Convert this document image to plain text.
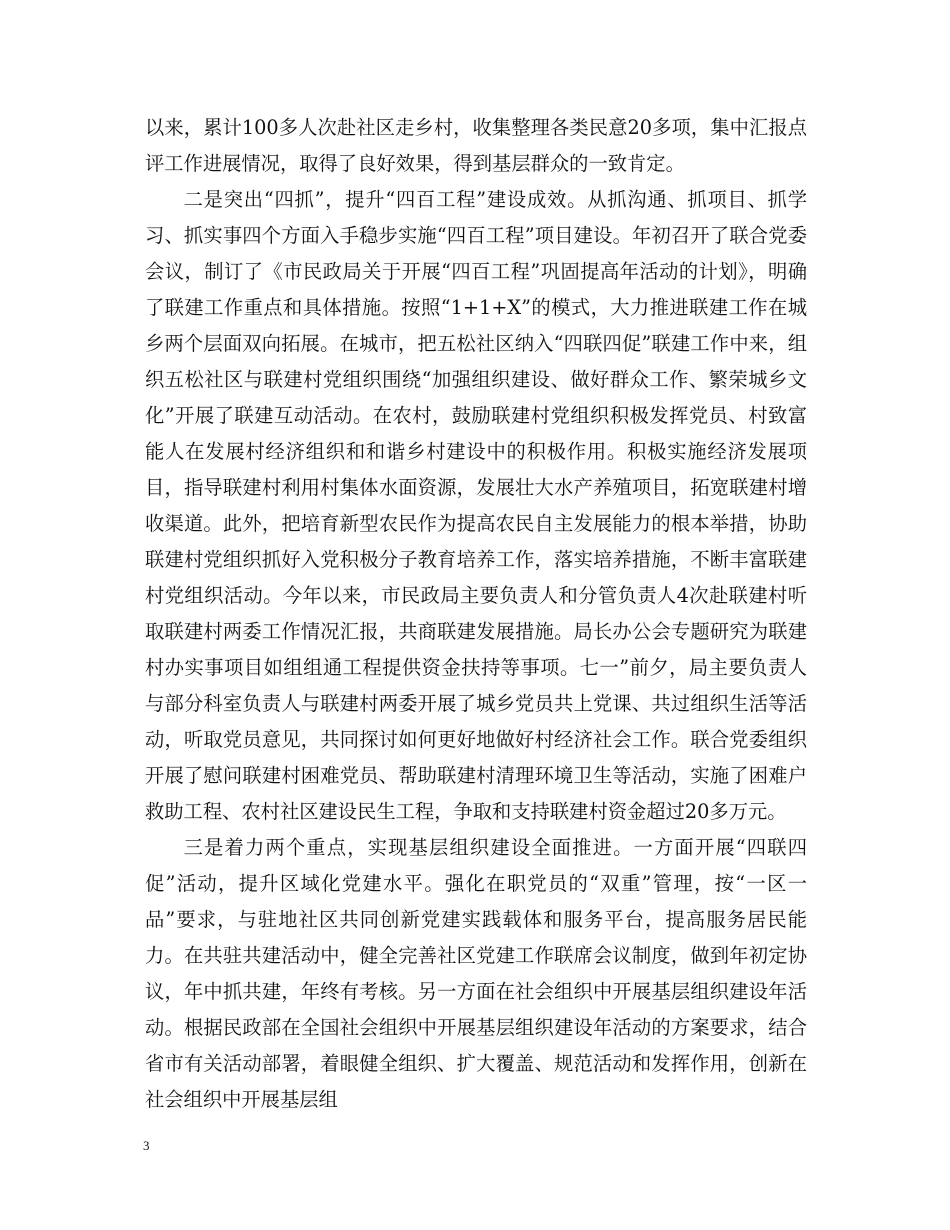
以来，累计100多人次赴社区走乡村，收集整理各类民意20多项，集中汇报点评工作进展情况，取得了良好效果，得到基层群众的一致肯定。

二是突出“四抓”，提升“四百工程”建设成效。从抓沟通、抓项目、抓学习、抓实事四个方面入手稳步实施“四百工程”项目建设。年初召开了联合党委会议，制订了《市民政局关于开展“四百工程”巩固提高年活动的计划》，明确了联建工作重点和具体措施。按照“1+1+X”的模式，大力推进联建工作在城乡两个层面双向拓展。在城市，把五松社区纳入“四联四促”联建工作中来，组织五松社区与联建村党组织围绕“加强组织建设、做好群众工作、繁荣城乡文化”开展了联建互动活动。在农村，鼓励联建村党组织积极发挥党员、村致富能人在发展村经济组织和和谐乡村建设中的积极作用。积极实施经济发展项目，指导联建村利用村集体水面资源，发展壮大水产养殖项目，拓宽联建村增收渠道。此外，把培育新型农民作为提高农民自主发展能力的根本举措，协助联建村党组织抓好入党积极分子教育培养工作，落实培养措施，不断丰富联建村党组织活动。今年以来，市民政局主要负责人和分管负责人4次赴联建村听取联建村两委工作情况汇报，共商联建发展措施。局长办公会专题研究为联建村办实事项目如组组通工程提供资金扶持等事项。七一”前夕，局主要负责人与部分科室负责人与联建村两委开展了城乡党员共上党课、共过组织生活等活动，听取党员意见，共同探讨如何更好地做好村经济社会工作。联合党委组织开展了慰问联建村困难党员、帮助联建村清理环境卫生等活动，实施了困难户救助工程、农村社区建设民生工程，争取和支持联建村资金超过20多万元。

三是着力两个重点，实现基层组织建设全面推进。一方面开展“四联四促”活动，提升区域化党建水平。强化在职党员的“双重”管理，按“一区一品”要求，与驻地社区共同创新党建实践载体和服务平台，提高服务居民能力。在共驻共建活动中，健全完善社区党建工作联席会议制度，做到年初定协议，年中抓共建，年终有考核。另一方面在社会组织中开展基层组织建设年活动。根据民政部在全国社会组织中开展基层组织建设年活动的方案要求，结合省市有关活动部署，着眼健全组织、扩大覆盖、规范活动和发挥作用，创新在社会组织中开展基层组

3
